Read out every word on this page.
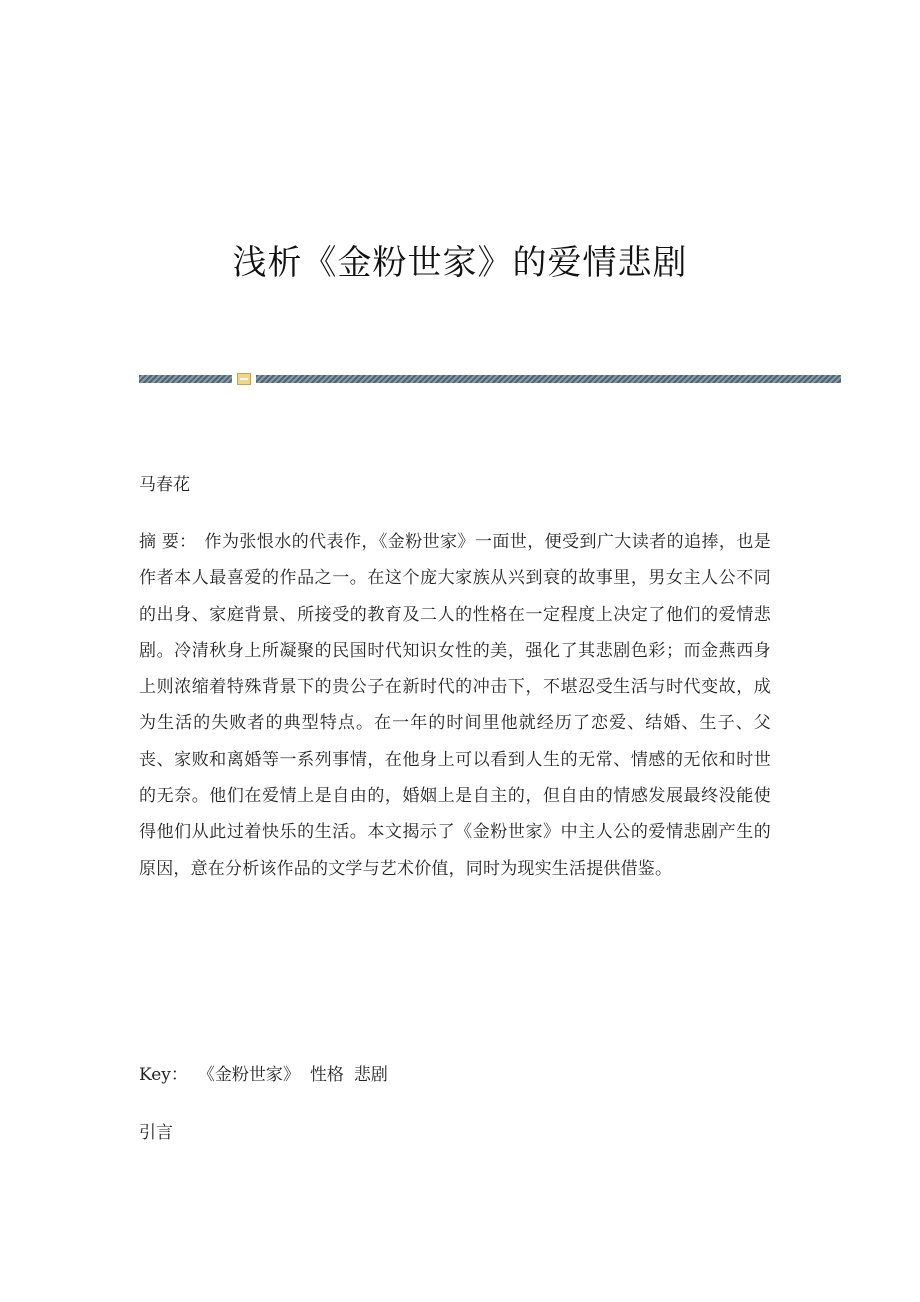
浅析《金粉世家》的爱情悲剧
马春花
摘 要： 作为张恨水的代表作，《金粉世家》一面世，便受到广大读者的追捧，也是作者本人最喜爱的作品之一。在这个庞大家族从兴到衰的故事里，男女主人公不同的出身、家庭背景、所接受的教育及二人的性格在一定程度上决定了他们的爱情悲剧。冷清秋身上所凝聚的民国时代知识女性的美，强化了其悲剧色彩；而金燕西身上则浓缩着特殊背景下的贵公子在新时代的冲击下，不堪忍受生活与时代变故，成为生活的失败者的典型特点。在一年的时间里他就经历了恋爱、结婚、生子、父丧、家败和离婚等一系列事情，在他身上可以看到人生的无常、情感的无依和时世的无奈。他们在爱情上是自由的，婚姻上是自主的，但自由的情感发展最终没能使得他们从此过着快乐的生活。本文揭示了《金粉世家》中主人公的爱情悲剧产生的原因，意在分析该作品的文学与艺术价值，同时为现实生活提供借鉴。
Key： 《金粉世家》 性格 悲剧
引言
